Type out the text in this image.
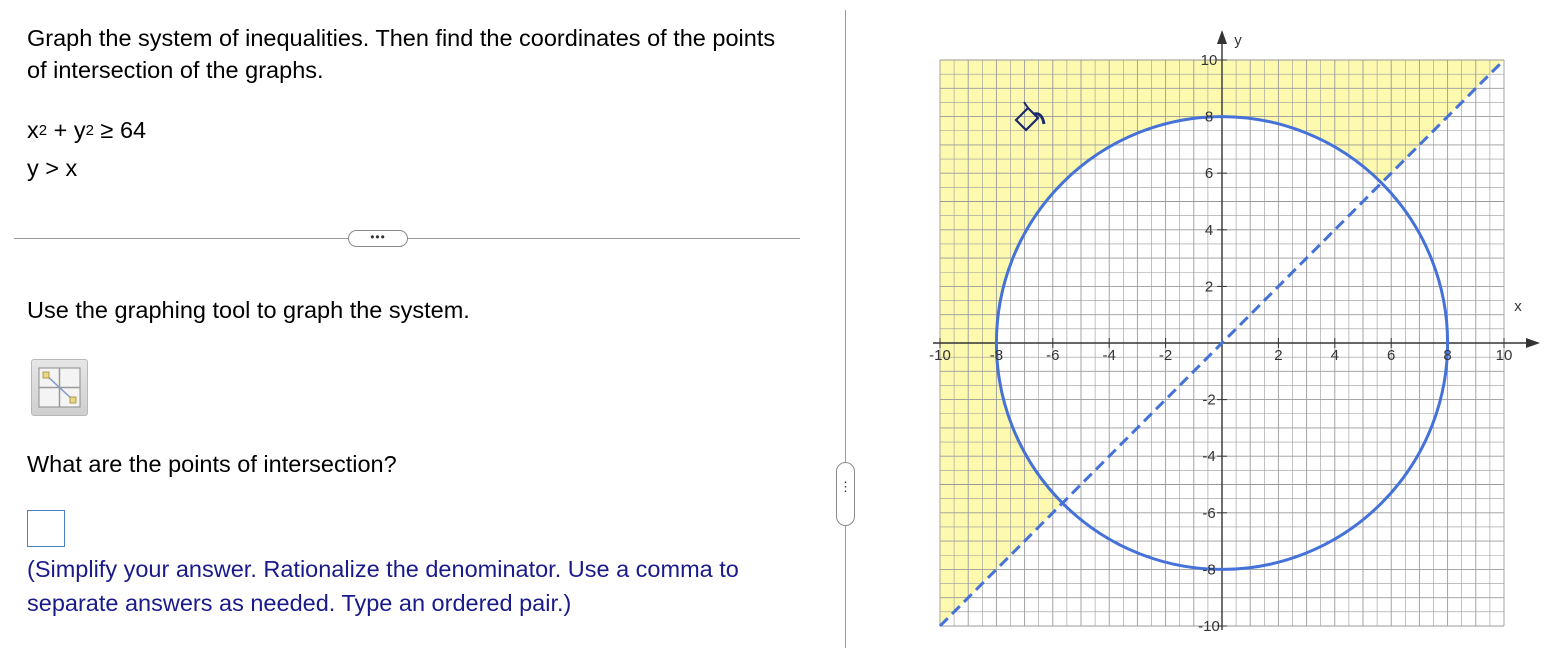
Graph the system of inequalities. Then find the coordinates of the points of intersection of the graphs.
$x^2 + y^2 \ge 64$
y > x
•••
Use the graphing tool to graph the system.
What are the points of intersection?
(Simplify your answer. Rationalize the denominator. Use a comma to separate answers as needed. Type an ordered pair.)
⋮
-10	-8	-6	-4	-2	2	4	6	8	10
10
8
6
4
2
-2
-4
-6
-8
-10
x
y
